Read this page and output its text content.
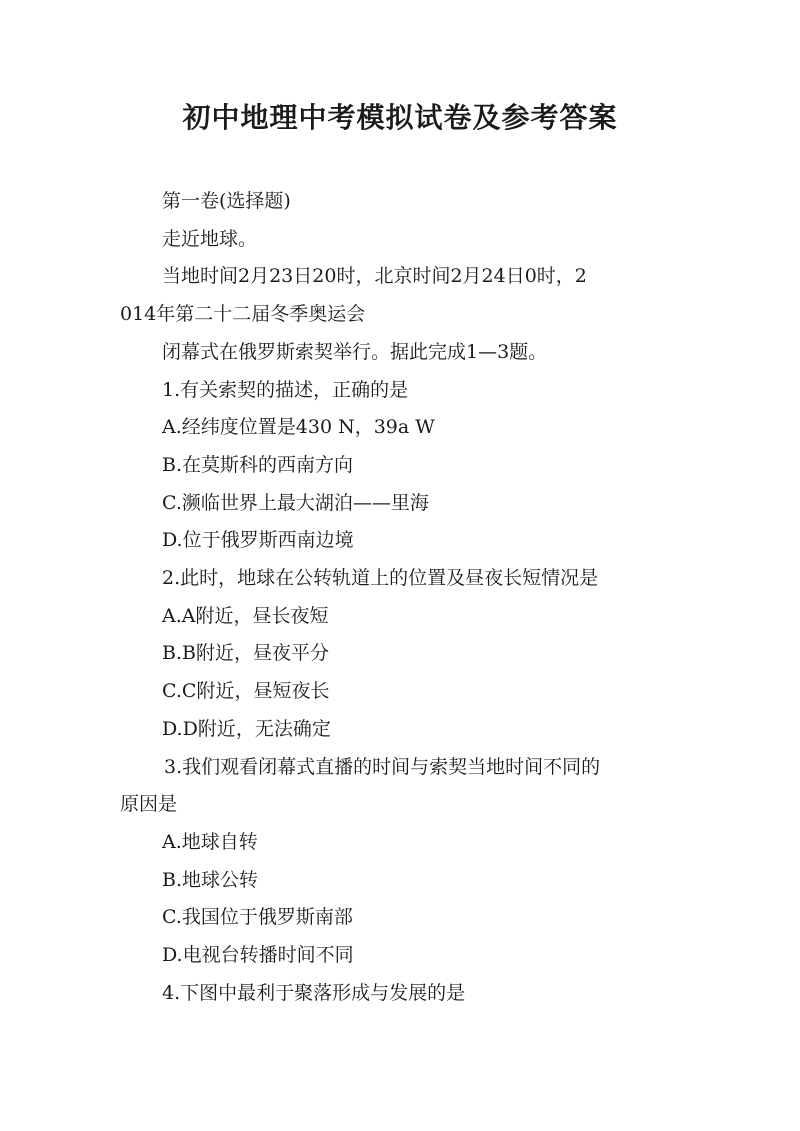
初中地理中考模拟试卷及参考答案

第一卷(选择题)

走近地球。

当地时间2月23日20时，北京时间2月24日0时，2

014年第二十二届冬季奥运会

闭幕式在俄罗斯索契举行。据此完成1—3题。

1.有关索契的描述，正确的是

A.经纬度位置是430 N，39a W

B.在莫斯科的西南方向

C.濒临世界上最大湖泊——里海

D.位于俄罗斯西南边境

2.此时，地球在公转轨道上的位置及昼夜长短情况是

A.A附近，昼长夜短

B.B附近，昼夜平分

C.C附近，昼短夜长

D.D附近，无法确定

3.我们观看闭幕式直播的时间与索契当地时间不同的

原因是

A.地球自转

B.地球公转

C.我国位于俄罗斯南部

D.电视台转播时间不同

4.下图中最利于聚落形成与发展的是
